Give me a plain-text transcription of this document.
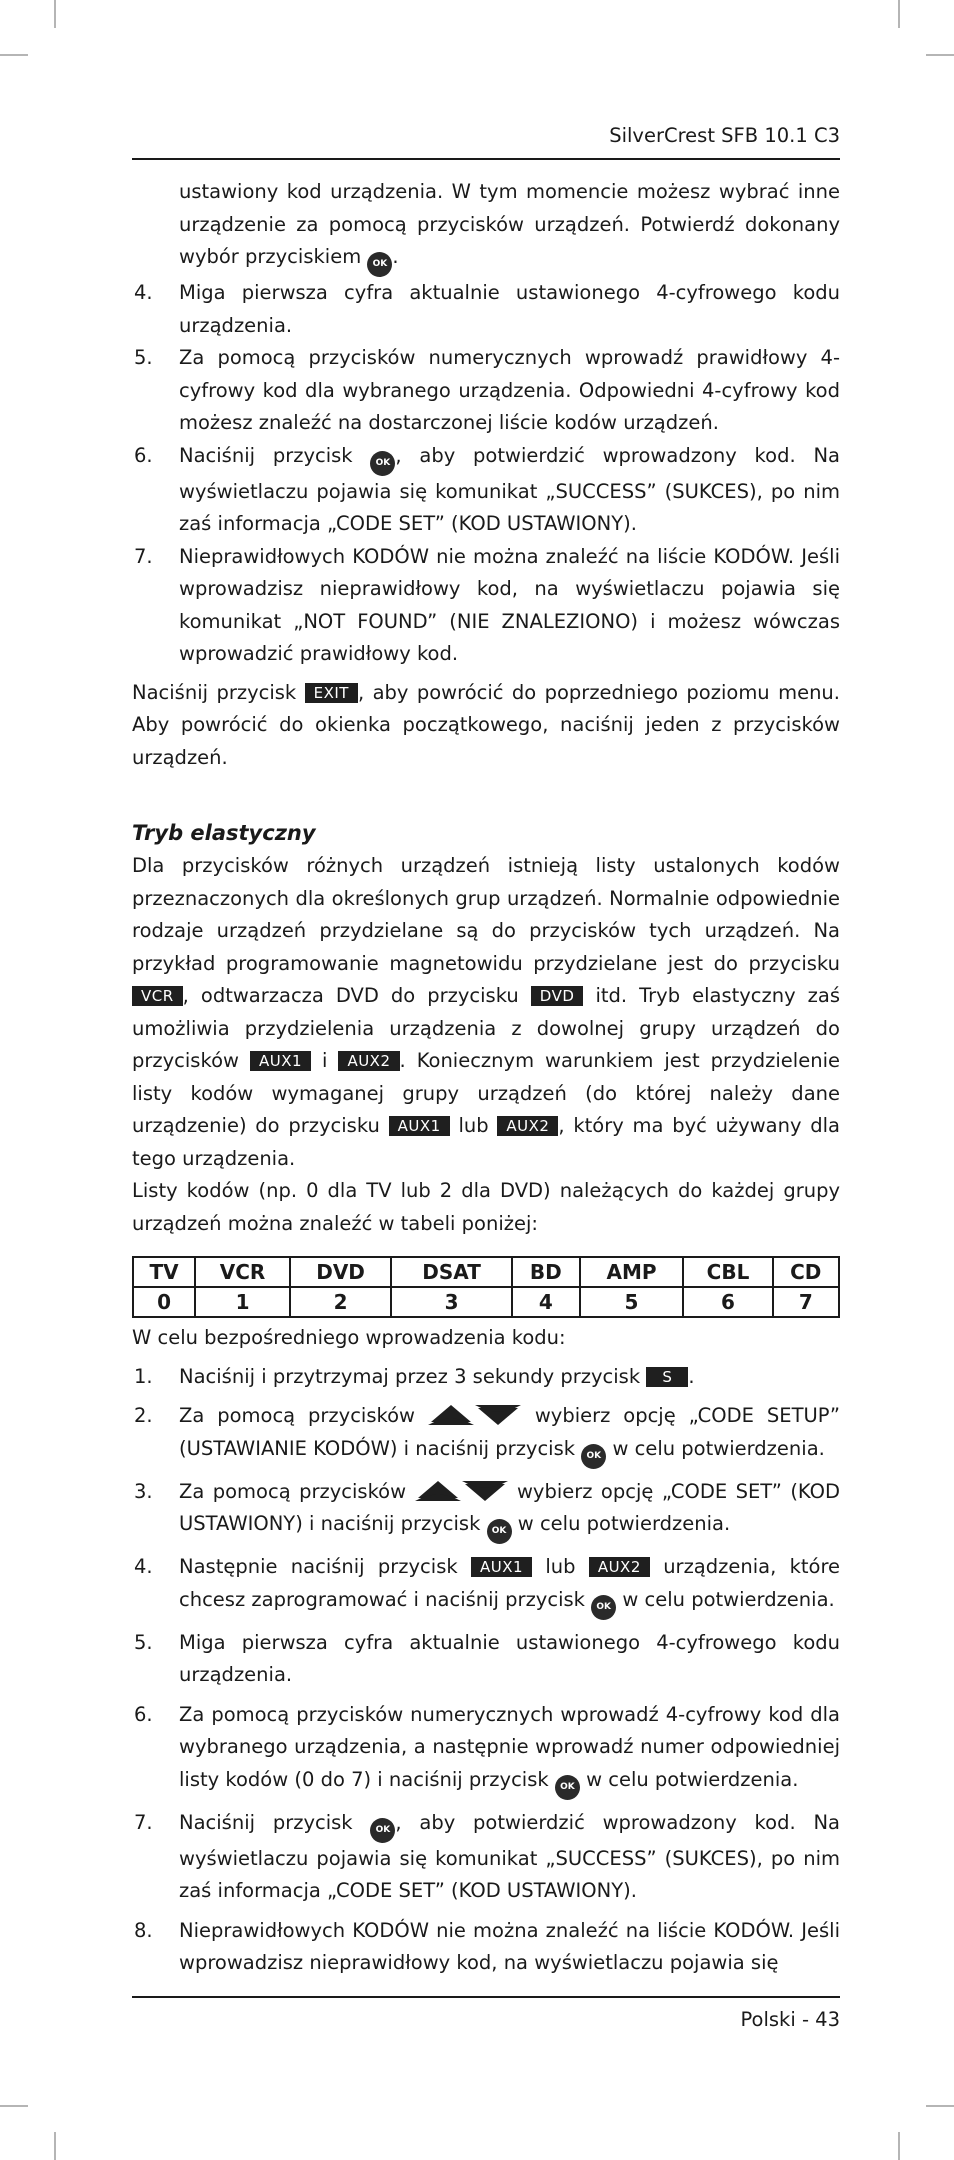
SilverCrest SFB 10.1 C3

ustawiony kod urządzenia. W tym momencie możesz wybrać inne urządzenie za pomocą przycisków urządzeń. Potwierdź dokonany wybór przyciskiem OK .

4. Miga pierwsza cyfra aktualnie ustawionego 4-cyfrowego kodu urządzenia.
5. Za pomocą przycisków numerycznych wprowadź prawidłowy 4-cyfrowy kod dla wybranego urządzenia. Odpowiedni 4-cyfrowy kod możesz znaleźć na dostarczonej liście kodów urządzeń.
6. Naciśnij przycisk	OK , aby potwierdzić wprowadzony kod. Na wyświetlaczu pojawia się komunikat „SUCCESS” (SUKCES), po nim zaś informacja „CODE SET” (KOD USTAWIONY).
7. Nieprawidłowych KODÓW nie można znaleźć na liście KODÓW. Jeśli wprowadzisz nieprawidłowy kod, na wyświetlaczu pojawia się komunikat „NOT FOUND” (NIE ZNALEZIONO) i możesz wówczas wprowadzić prawidłowy kod.

Naciśnij przycisk EXIT , aby powrócić do poprzedniego poziomu menu. Aby powrócić do okienka początkowego, naciśnij jeden z przycisków urządzeń.

Tryb elastyczny

Dla przycisków różnych urządzeń istnieją listy ustalonych kodów przeznaczonych dla określonych grup urządzeń. Normalnie odpowiednie rodzaje urządzeń przydzielane są do przycisków tych urządzeń. Na przykład programowanie magnetowidu przydzielane jest do przycisku VCR , odtwarzacza DVD do przycisku DVD itd. Tryb elastyczny zaś umożliwia przydzielenia urządzenia z dowolnej grupy urządzeń do przycisków AUX1 i AUX2 . Koniecznym warunkiem jest przydzielenie listy kodów wymaganej grupy urządzeń (do której należy dane urządzenie) do przycisku AUX1 lub AUX2 , który ma być używany dla tego urządzenia.

Listy kodów (np. 0 dla TV lub 2 dla DVD) należących do każdej grupy urządzeń można znaleźć w tabeli poniżej:

TV	VCR	DVD	DSAT	BD	AMP	CBL	CD
0	1	2	3	4	5	6	7

W celu bezpośredniego wprowadzenia kodu:

1. Naciśnij i przytrzymaj przez 3 sekundy przycisk S .
2. Za pomocą przycisków	wybierz opcję „CODE SETUP” (USTAWIANIE KODÓW) i naciśnij przycisk OK w celu potwierdzenia.
3. Za pomocą przycisków	wybierz opcję „CODE SET” (KOD USTAWIONY) i naciśnij przycisk OK w celu potwierdzenia.
4. Następnie naciśnij przycisk AUX1 lub AUX2 urządzenia, które chcesz zaprogramować i naciśnij przycisk OK w celu potwierdzenia.
5. Miga pierwsza cyfra aktualnie ustawionego 4-cyfrowego kodu urządzenia.
6. Za pomocą przycisków numerycznych wprowadź 4-cyfrowy kod dla wybranego urządzenia, a następnie wprowadź numer odpowiedniej listy kodów (0 do 7) i naciśnij przycisk OK w celu potwierdzenia.
7. Naciśnij przycisk	OK , aby potwierdzić wprowadzony kod. Na wyświetlaczu pojawia się komunikat „SUCCESS” (SUKCES), po nim zaś informacja „CODE SET” (KOD USTAWIONY).
8. Nieprawidłowych KODÓW nie można znaleźć na liście KODÓW. Jeśli wprowadzisz nieprawidłowy kod, na wyświetlaczu pojawia się
Polski - 43
